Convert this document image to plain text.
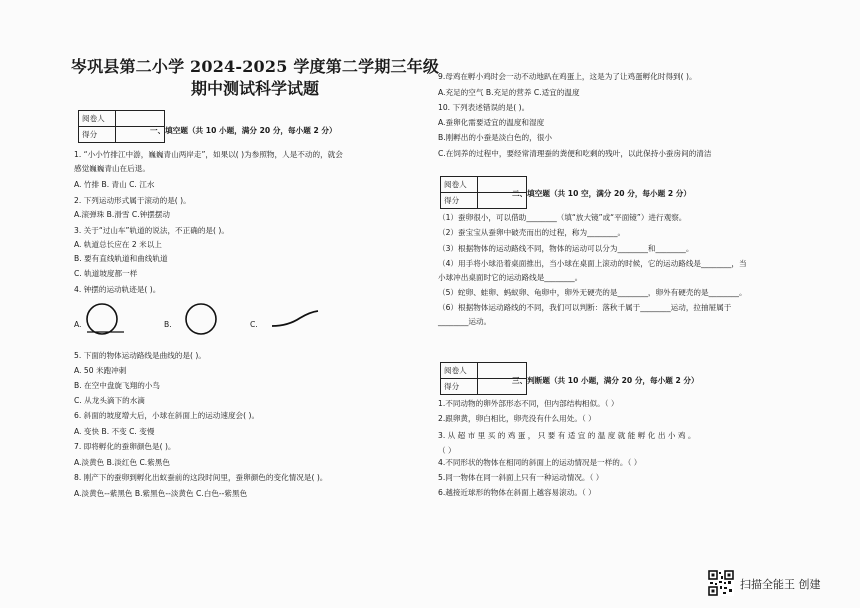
岑巩县第二小学 2024-2025 学度第二学期三年级
期中测试科学试题
阅卷人	
得分		一、填空题（共 10 小题，满分 20 分，每小题 2 分）
1. “小小竹排江中游，巍巍青山两岸走”，如果以( )为参照物，人是不动的，就会
感觉巍巍青山在后退。
A. 竹排 B. 青山 C. 江水
2. 下列运动形式属于滚动的是( )。
A.滚弹珠 B.滑雪 C.钟摆摆动
3. 关于“过山车”轨道的说法，不正确的是( )。
A. 轨道总长应在 2 米以上
B. 要有直线轨道和曲线轨道
C. 轨道坡度都一样
4. 钟摆的运动轨迹是( )。
A.	B.	C.
5. 下面的物体运动路线是曲线的是( )。
A. 50 米跑冲刺
B. 在空中盘旋飞翔的小鸟
C. 从龙头滴下的水滴
6. 斜面的坡度增大后，小球在斜面上的运动速度会( )。
A. 变快 B. 不变 C. 变慢
7. 即将孵化的蚕卵颜色是( )。
A.淡黄色 B.淡红色 C.紫黑色
8. 刚产下的蚕卵到孵化出蚁蚕前的这段时间里，蚕卵颜色的变化情况是( )。
A.淡黄色--紫黑色 B.紫黑色--淡黄色 C.白色--紫黑色
9.母鸡在孵小鸡时会一动不动地趴在鸡蛋上，这是为了让鸡蛋孵化时得到( )。
A.充足的空气 B.充足的营养 C.适宜的温度
10. 下列表述错误的是( )。
A.蚕卵化需要适宜的温度和湿度
B.刚孵出的小蚕是淡白色的，很小
C.在饲养的过程中，要经常清理蚕的粪便和吃剩的残叶，以此保持小蚕房间的清洁
阅卷人	
得分	
二、填空题（共 10 空，满分 20 分，每小题 2 分）
（1）蚕卵很小，可以借助________（填“放大镜”或“平面镜”）进行观察。
（2）蚕宝宝从蚕卵中破壳而出的过程，称为________。
（3）根据物体的运动路线不同，物体的运动可以分为________和________。
（4）用手将小球沿着桌面推出，当小球在桌面上滚动的时候，它的运动路线是________，当
小球冲出桌面时它的运动路线是________。
（5）蛇卵、蛙卵、蚂蚁卵、龟卵中，卵外无硬壳的是________，卵外有硬壳的是________。
（6）根据物体运动路线的不同，我们可以判断：落秋千属于________运动，拉抽屉属于
________运动。
阅卷人	
得分	
三、判断题（共 10 小题，满分 20 分，每小题 2 分）
1.不同动物的卵外部形态不同，但内部结构相似。（ ）
2.跟卵黄，卵白相比，卵壳没有什么用处。（ ）
3. 从 超 市 里 买 的 鸡 蛋 ， 只 要 有 适 宜 的 温 度 就 能 孵 化 出 小 鸡 。
（ ）
4.不同形状的物体在相同的斜面上的运动情况是一样的。（ ）
5.同一物体在同一斜面上只有一种运动情况。（ ）
6.越接近球形的物体在斜面上越容易滚动。（ ）
扫描全能王 创建
